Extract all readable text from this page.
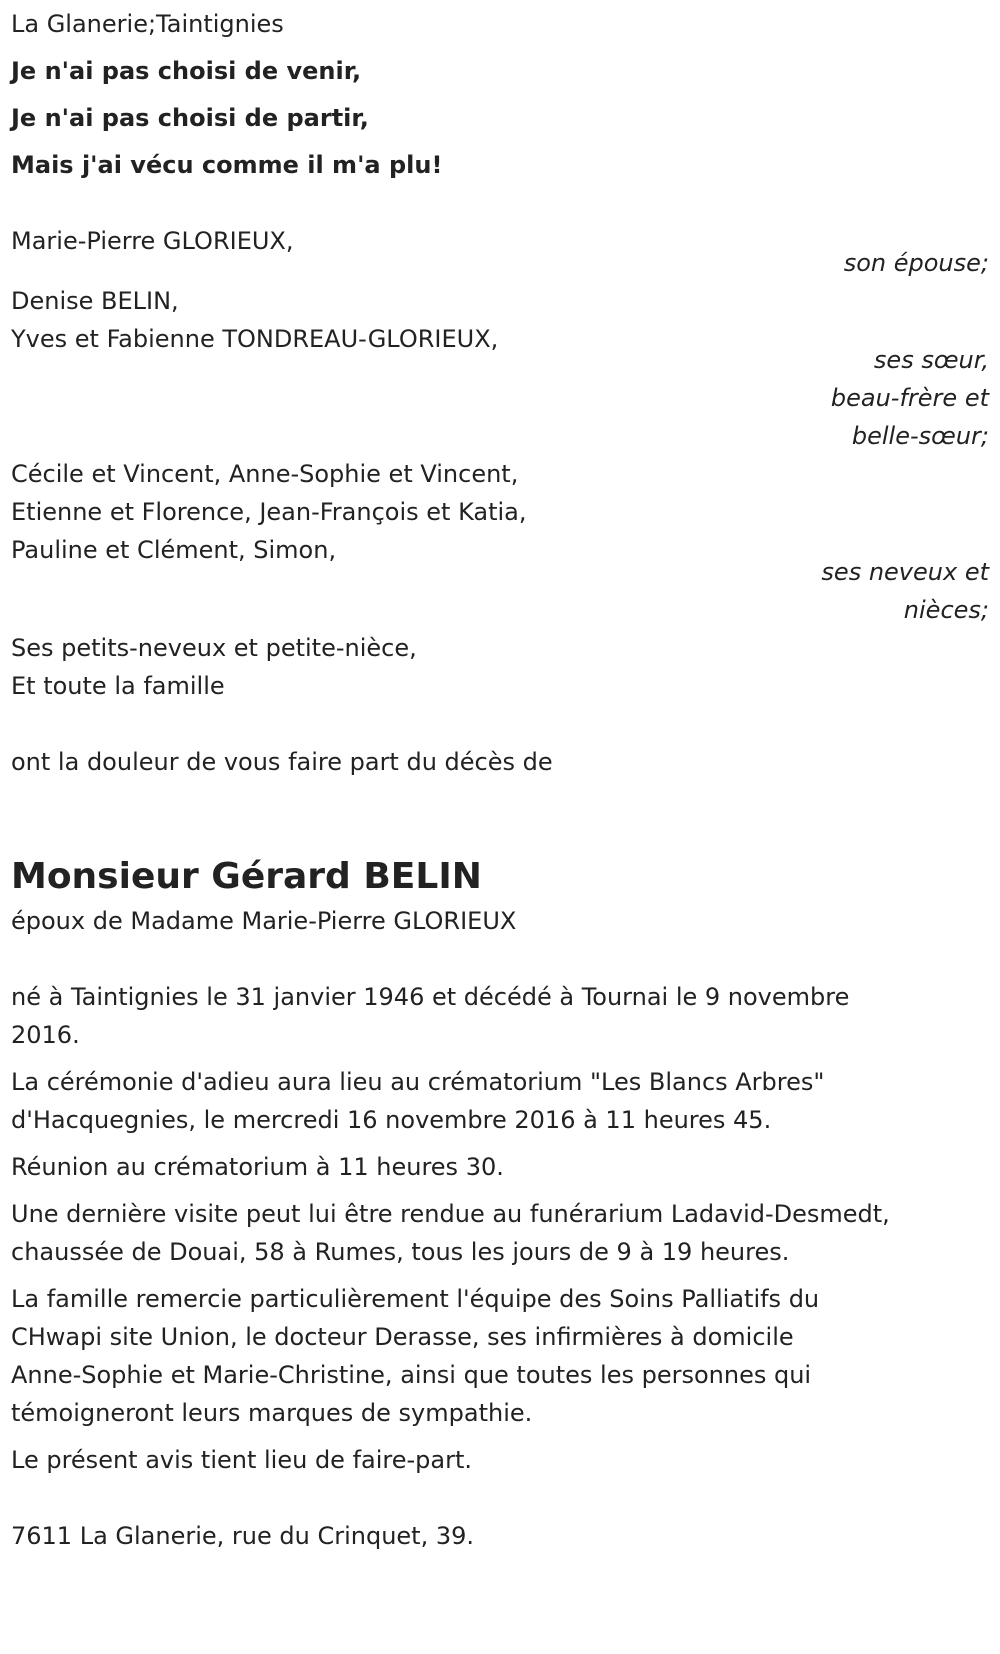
La Glanerie;Taintignies

Je n'ai pas choisi de venir,

Je n'ai pas choisi de partir,

Mais j'ai vécu comme il m'a plu!

Marie-Pierre GLORIEUX,

son épouse;

Denise BELIN,

Yves et Fabienne TONDREAU-GLORIEUX,

ses sœur,
beau-frère et
belle-sœur;

Cécile et Vincent, Anne-Sophie et Vincent,

Etienne et Florence, Jean-François et Katia,

Pauline et Clément, Simon,

ses neveux et
nièces;

Ses petits-neveux et petite-nièce,

Et toute la famille

ont la douleur de vous faire part du décès de

Monsieur Gérard BELIN

époux de Madame Marie-Pierre GLORIEUX

né à Taintignies le 31 janvier 1946 et décédé à Tournai le 9 novembre

2016.

La cérémonie d'adieu aura lieu au crématorium "Les Blancs Arbres"

d'Hacquegnies, le mercredi 16 novembre 2016 à 11 heures 45.

Réunion au crématorium à 11 heures 30.

Une dernière visite peut lui être rendue au funérarium Ladavid-Desmedt,

chaussée de Douai, 58 à Rumes, tous les jours de 9 à 19 heures.

La famille remercie particulièrement l'équipe des Soins Palliatifs du

CHwapi site Union, le docteur Derasse, ses infirmières à domicile

Anne-Sophie et Marie-Christine, ainsi que toutes les personnes qui

témoigneront leurs marques de sympathie.

Le présent avis tient lieu de faire-part.

7611 La Glanerie, rue du Crinquet, 39.
